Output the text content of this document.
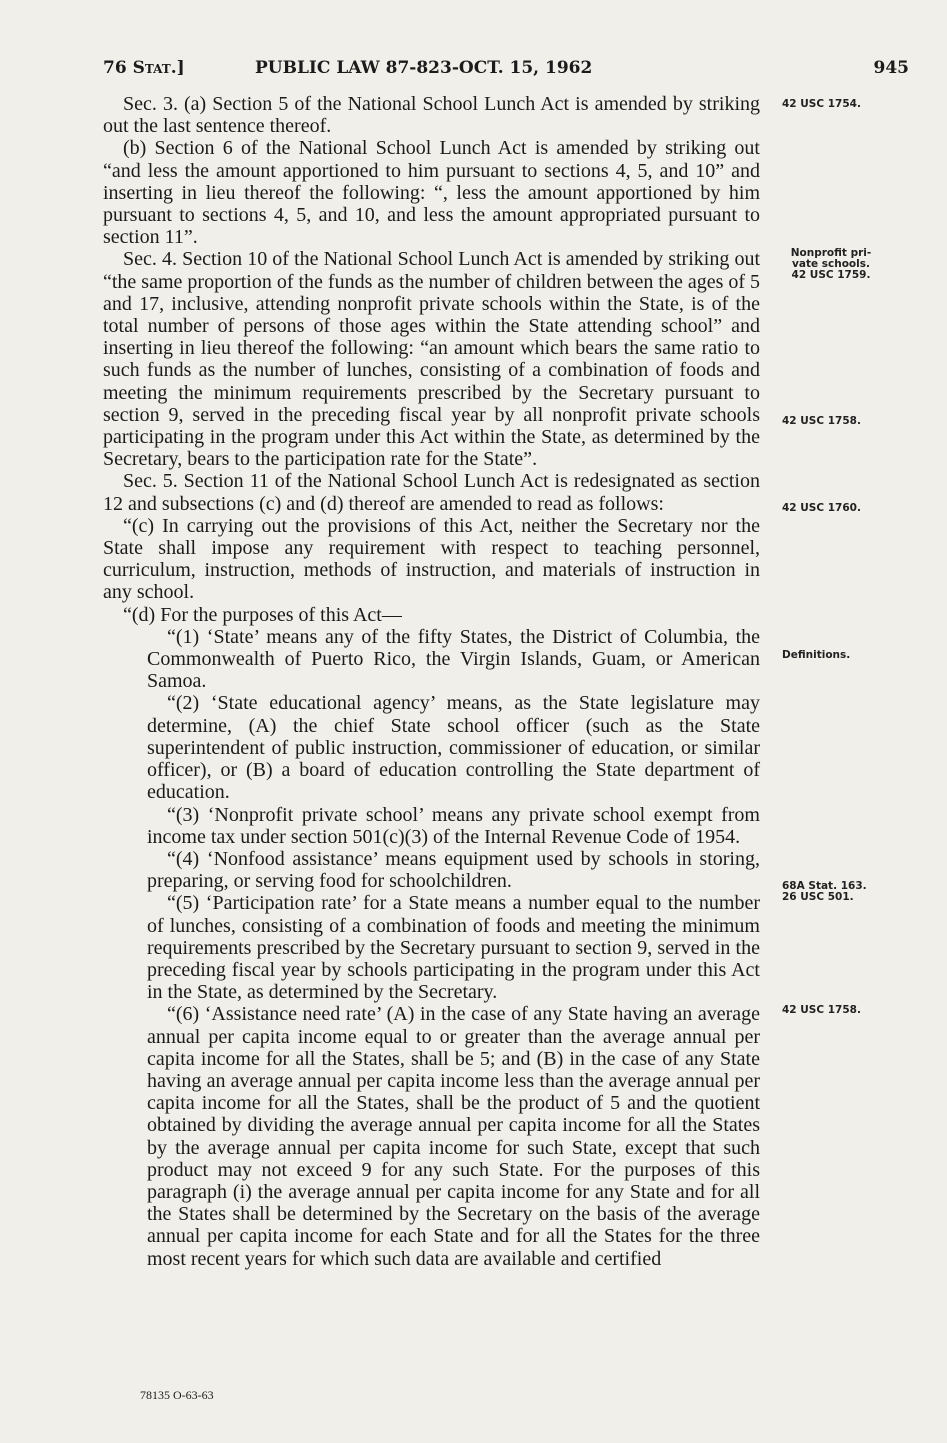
76 Stat.]	PUBLIC LAW 87-823-OCT. 15, 1962	945

Sec. 3. (a) Section 5 of the National School Lunch Act is amended by striking out the last sentence thereof.

(b) Section 6 of the National School Lunch Act is amended by striking out “and less the amount apportioned to him pursuant to sections 4, 5, and 10” and inserting in lieu thereof the following: “, less the amount apportioned by him pursuant to sections 4, 5, and 10, and less the amount appropriated pursuant to section 11”.

Sec. 4. Section 10 of the National School Lunch Act is amended by striking out “the same proportion of the funds as the number of children between the ages of 5 and 17, inclusive, attending nonprofit private schools within the State, is of the total number of persons of those ages within the State attending school” and inserting in lieu thereof the following: “an amount which bears the same ratio to such funds as the number of lunches, consisting of a combination of foods and meeting the minimum requirements prescribed by the Secretary pursuant to section 9, served in the preceding fiscal year by all nonprofit private schools participating in the program under this Act within the State, as determined by the Secretary, bears to the participation rate for the State”.

Sec. 5. Section 11 of the National School Lunch Act is redesignated as section 12 and subsections (c) and (d) thereof are amended to read as follows:

“(c) In carrying out the provisions of this Act, neither the Secretary nor the State shall impose any requirement with respect to teaching personnel, curriculum, instruction, methods of instruction, and materials of instruction in any school.

“(d) For the purposes of this Act—

“(1) ‘State’ means any of the fifty States, the District of Columbia, the Commonwealth of Puerto Rico, the Virgin Islands, Guam, or American Samoa.

“(2) ‘State educational agency’ means, as the State legislature may determine, (A) the chief State school officer (such as the State superintendent of public instruction, commissioner of education, or similar officer), or (B) a board of education controlling the State department of education.

“(3) ‘Nonprofit private school’ means any private school exempt from income tax under section 501(c)(3) of the Internal Revenue Code of 1954.

“(4) ‘Nonfood assistance’ means equipment used by schools in storing, preparing, or serving food for schoolchildren.

“(5) ‘Participation rate’ for a State means a number equal to the number of lunches, consisting of a combination of foods and meeting the minimum requirements prescribed by the Secretary pursuant to section 9, served in the preceding fiscal year by schools participating in the program under this Act in the State, as determined by the Secretary.

“(6) ‘Assistance need rate’ (A) in the case of any State having an average annual per capita income equal to or greater than the average annual per capita income for all the States, shall be 5; and (B) in the case of any State having an average annual per capita income less than the average annual per capita income for all the States, shall be the product of 5 and the quotient obtained by dividing the average annual per capita income for all the States by the average annual per capita income for such State, except that such product may not exceed 9 for any such State. For the purposes of this paragraph (i) the average annual per capita income for any State and for all the States shall be determined by the Secretary on the basis of the average annual per capita income for each State and for all the States for the three most recent years for which such data are available and certified

42 USC 1754.
Nonprofit pri-
vate schools.
42 USC 1759.
42 USC 1758.
42 USC 1760.
Definitions.
68A Stat. 163.
26 USC 501.
42 USC 1758.
78135 O-63-63
